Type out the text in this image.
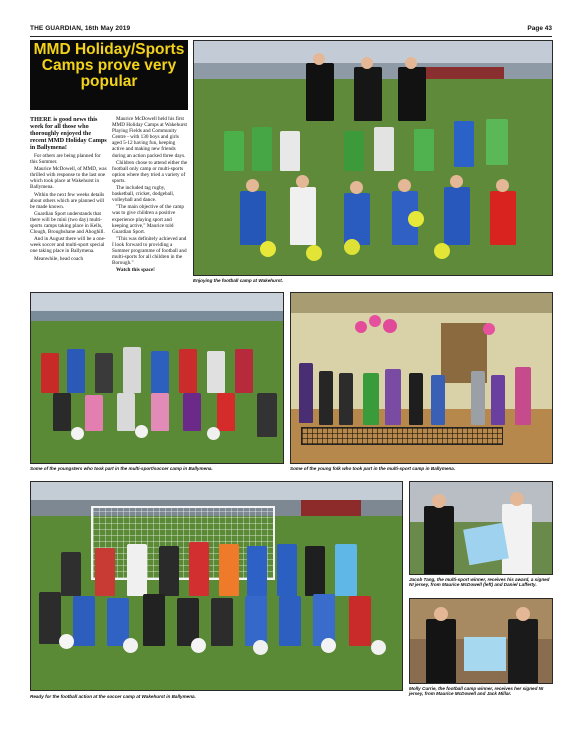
THE GUARDIAN, 16th May 2019	Page 43
MMD Holiday/Sports Camps prove very popular

THERE is good news this week for all those who thoroughly enjoyed the recent MMD Holiday Camps in Ballymena!

For others are being planned for this Summer.

Maurice McDowell, of MMD, was thrilled with response to the last one which took place at Wakehurst in Ballymena.

Within the next few weeks details about others which are planned will be made known.

Guardian Sport understands that there will be mini (two day) multi-sports camps taking place in Kells, Clough, Broughshane and Ahoghill.

And in August there will be a one-week soccer and multi-sport special one taking place in Ballymena.

Meanwhile, head coach

Maurice McDowell held his first MMD Holiday Camps at Wakehurst Playing Fields and Community Centre - with 130 boys and girls aged 5-12 having fun, keeping active and making new friends during an action packed three days.

Children chose to attend either the football only camp or multi-sports option where they tried a variety of sports.

The included tag rugby, basketball, cricket, dodgeball, volleyball and dance.

"The main objective of the camp was to give children a positive experience playing sport and keeping active," Maurice told Guardian Sport.

"This was definitely achieved and I look forward to providing a Summer programme of football and multi-sports for all children in the Borough."

Watch this space!

Enjoying the football camp at Wakehurst.
Some of the youngsters who took part in the multi-sport/soccer camp in Ballymena.	Some of the young folk who took part in the multi-sport camp in Ballymena.
Ready for the football action at the soccer camp at Wakehurst in Ballymena.
Jacob Tang, the multi-sport winner, receives his award, a signed NI jersey, from Maurice McDowell (left) and Daniel Lafferty.
Molly Currie, the football camp winner, receives her signed NI jersey, from Maurice McDowell and Jack Millar.
